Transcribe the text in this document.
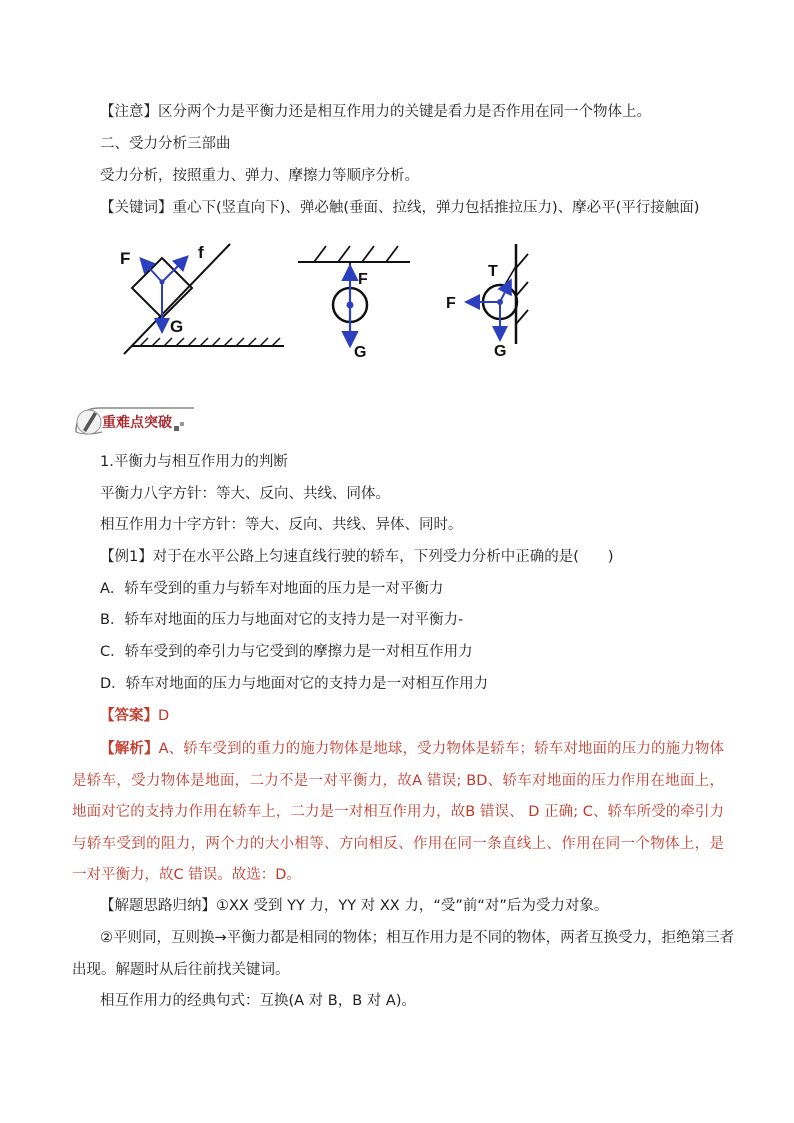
【注意】区分两个力是平衡力还是相互作用力的关键是看力是否作用在同一个物体上。
二、受力分析三部曲
受力分析，按照重力、弹力、摩擦力等顺序分析。
【关键词】重心下(竖直向下)、弹必触(垂面、拉线，弹力包括推拉压力)、摩必平(平行接触面)
F	f
G
F
G
T
F
G
重难点突破
1.平衡力与相互作用力的判断
平衡力八字方针：等大、反向、共线、同体。
相互作用力十字方针：等大、反向、共线、异体、同时。
【例1】对于在水平公路上匀速直线行驶的轿车，下列受力分析中正确的是(　　)
A．轿车受到的重力与轿车对地面的压力是一对平衡力
B．轿车对地面的压力与地面对它的支持力是一对平衡力-
C．轿车受到的牵引力与它受到的摩擦力是一对相互作用力
D．轿车对地面的压力与地面对它的支持力是一对相互作用力
【答案】D
【解析】A、轿车受到的重力的施力物体是地球，受力物体是轿车；轿车对地面的压力的施力物体是轿车，受力物体是地面，二力不是一对平衡力，故A 错误; BD、轿车对地面的压力作用在地面上，地面对它的支持力作用在轿车上，二力是一对相互作用力，故B 错误、 D 正确; C、轿车所受的牵引力与轿车受到的阻力，两个力的大小相等、方向相反、作用在同一条直线上、作用在同一个物体上，是一对平衡力，故C 错误。故选：D。
【解题思路归纳】①XX 受到 YY 力，YY 对 XX 力，“受”前“对”后为受力对象。
②平则同，互则换→平衡力都是相同的物体；相互作用力是不同的物体，两者互换受力，拒绝第三者
出现。解题时从后往前找关键词。
相互作用力的经典句式：互换(A 对 B，B 对 A)。
